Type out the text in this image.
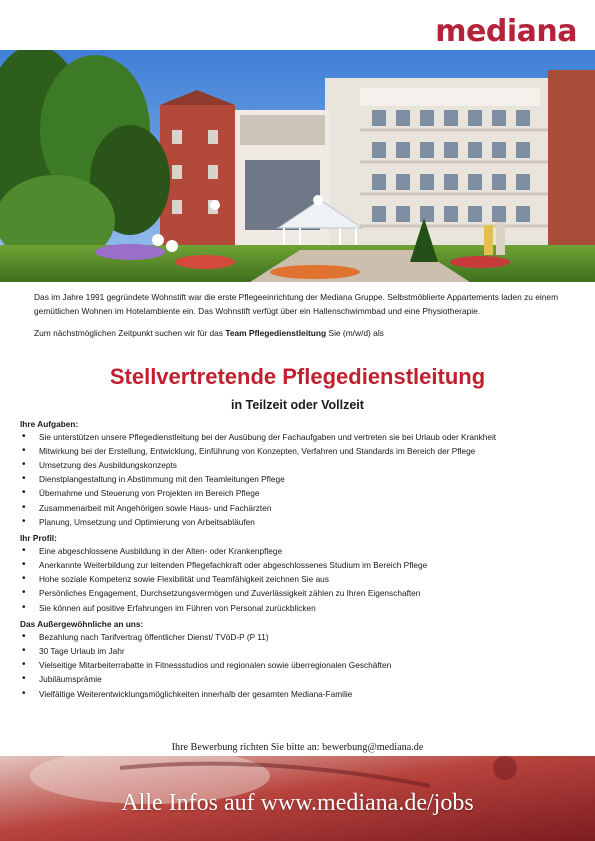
mediana

Das im Jahre 1991 gegründete Wohnstift war die erste Pflegeeinrichtung der Mediana Gruppe. Selbstmöblierte Appartements laden zu einem gemütlichen Wohnen im Hotelambiente ein. Das Wohnstift verfügt über ein Hallenschwimmbad und eine Physiotherapie.

Zum nächstmöglichen Zeitpunkt suchen wir für das Team Pflegedienstleitung Sie (m/w/d) als

Stellvertretende Pflegedienstleitung
in Teilzeit oder Vollzeit
Ihre Aufgaben:
• Sie unterstützen unsere Pflegedienstleitung bei der Ausübung der Fachaufgaben und vertreten sie bei Urlaub oder Krankheit
• Mitwirkung bei der Erstellung, Entwicklung, Einführung von Konzepten, Verfahren und Standards im Bereich der Pflege
• Umsetzung des Ausbildungskonzepts
• Dienstplangestaltung in Abstimmung mit den Teamleitungen Pflege
• Übernahme und Steuerung von Projekten im Bereich Pflege
• Zusammenarbeit mit Angehörigen sowie Haus- und Fachärzten
• Planung, Umsetzung und Optimierung von Arbeitsabläufen
Ihr Profil:
• Eine abgeschlossene Ausbildung in der Alten- oder Krankenpflege
• Anerkannte Weiterbildung zur leitenden Pflegefachkraft oder abgeschlossenes Studium im Bereich Pflege
• Hohe soziale Kompetenz sowie Flexibilität und Teamfähigkeit zeichnen Sie aus
• Persönliches Engagement, Durchsetzungsvermögen und Zuverlässigkeit zählen zu Ihren Eigenschaften
• Sie können auf positive Erfahrungen im Führen von Personal zurückblicken
Das Außergewöhnliche an uns:
• Bezahlung nach Tarifvertrag öffentlicher Dienst/ TVöD-P (P 11)
• 30 Tage Urlaub im Jahr
• Vielseitige Mitarbeiterrabatte in Fitnessstudios und regionalen sowie überregionalen Geschäften
• Jubiläumsprämie
• Vielfältige Weiterentwicklungsmöglichkeiten innerhalb der gesamten Mediana-Familie
Ihre Bewerbung richten Sie bitte an: bewerbung@mediana.de
Alle Infos auf www.mediana.de/jobs
